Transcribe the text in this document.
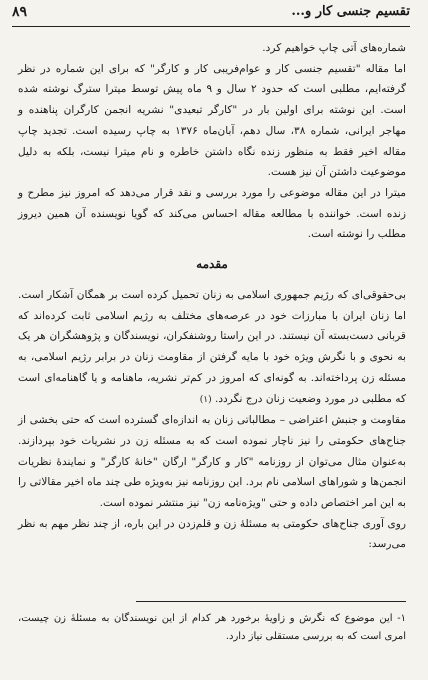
تقسیم جنسی کار و...
۸۹

شماره‌های آتی چاپ خواهیم کرد.

اما مقاله "تقسیم جنسی کار و عوام‌فریبی کار و کارگر" که برای این شماره در نظر گرفته‌ایم، مطلبی است که حدود ۲ سال و ۹ ماه پیش توسط میترا سترگ نوشته شده است. این نوشته برای اولین بار در "کارگر تبعیدی" نشریه انجمن کارگران پناهنده و مهاجر ایرانی، شماره ۳۸، سال دهم، آبان‌ماه ۱۳۷۶ به چاپ رسیده است. تجدید چاپ مقاله اخیر فقط به منظور زنده نگاه داشتن خاطره و نام میترا نیست، بلکه به دلیل موضوعیت داشتن آن نیز هست.

میترا در این مقاله موضوعی را مورد بررسی و نقد قرار می‌دهد که امروز نیز مطرح و زنده است. خواننده با مطالعه مقاله احساس می‌کند که گویا نویسنده آن همین دیروز مطلب را نوشته است.

مقدمه

بی‌حقوقی‌ای که رژیم جمهوری اسلامی به زنان تحمیل کرده است بر همگان آشکار است. اما زنان ایران با مبارزات خود در عرصه‌های مختلف به رژیم اسلامی ثابت کرده‌اند که قربانی دست‌بسته آن نیستند. در این راستا روشنفکران، نویسندگان و پژوهشگران هر یک به نحوی و با نگرش ویژه خود با مایه گرفتن از مقاومت زنان در برابر رژیم اسلامی، به مسئله زن پرداخته‌اند. به گونه‌ای که امروز در کم‌تر نشریه، ماهنامه و یا گاهنامه‌ای است که مطلبی در مورد وضعیت زنان درج نگردد. (۱)

مقاومت و جنبش اعتراضی – مطالباتی زنان به اندازه‌ای گسترده است که حتی بخشی از جناح‌های حکومتی را نیز ناچار نموده است که به مسئله زن در نشریات خود بپردازند. به‌عنوان مثال می‌توان از روزنامه "کار و کارگر" ارگان "خانهٔ کارگر" و نمایندهٔ نظریات انجمن‌ها و شوراهای اسلامی نام برد. این روزنامه نیز به‌ویژه طی چند ماه اخیر مقالاتی را به این امر اختصاص داده و حتی "ویژه‌نامه زن" نیز منتشر نموده است.

روی آوری جناح‌های حکومتی به مسئلهٔ زن و قلم‌زدن در این باره، از چند نظر مهم به نظر می‌رسد:

۱- این موضوع که نگرش و زاویهٔ برخورد هر کدام از این نویسندگان به مسئلهٔ زن چیست، امری است که به بررسی مستقلی نیاز دارد.
